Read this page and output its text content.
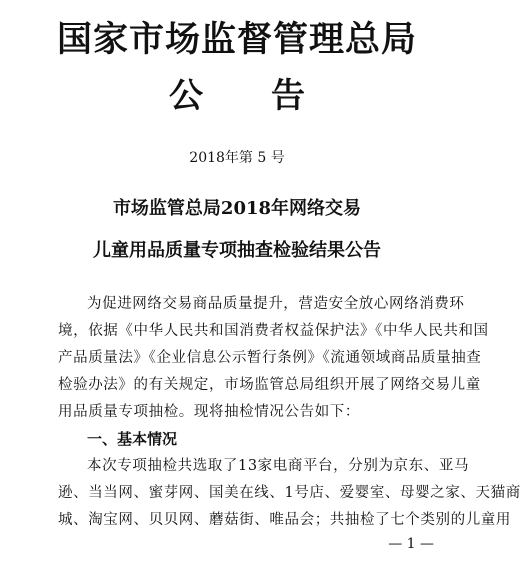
国家市场监督管理总局
公 告
2018年第 5 号
市场监管总局2018年网络交易
儿童用品质量专项抽查检验结果公告
为促进网络交易商品质量提升，营造安全放心网络消费环
境，依据《中华人民共和国消费者权益保护法》《中华人民共和国
产品质量法》《企业信息公示暂行条例》《流通领域商品质量抽查
检验办法》的有关规定，市场监管总局组织开展了网络交易儿童
用品质量专项抽检。现将抽检情况公告如下：
一、基本情况
本次专项抽检共选取了13家电商平台，分别为京东、亚马
逊、当当网、蜜芽网、国美在线、1号店、爱婴室、母婴之家、天猫商
城、淘宝网、贝贝网、蘑菇街、唯品会；共抽检了七个类别的儿童用
— 1 —
